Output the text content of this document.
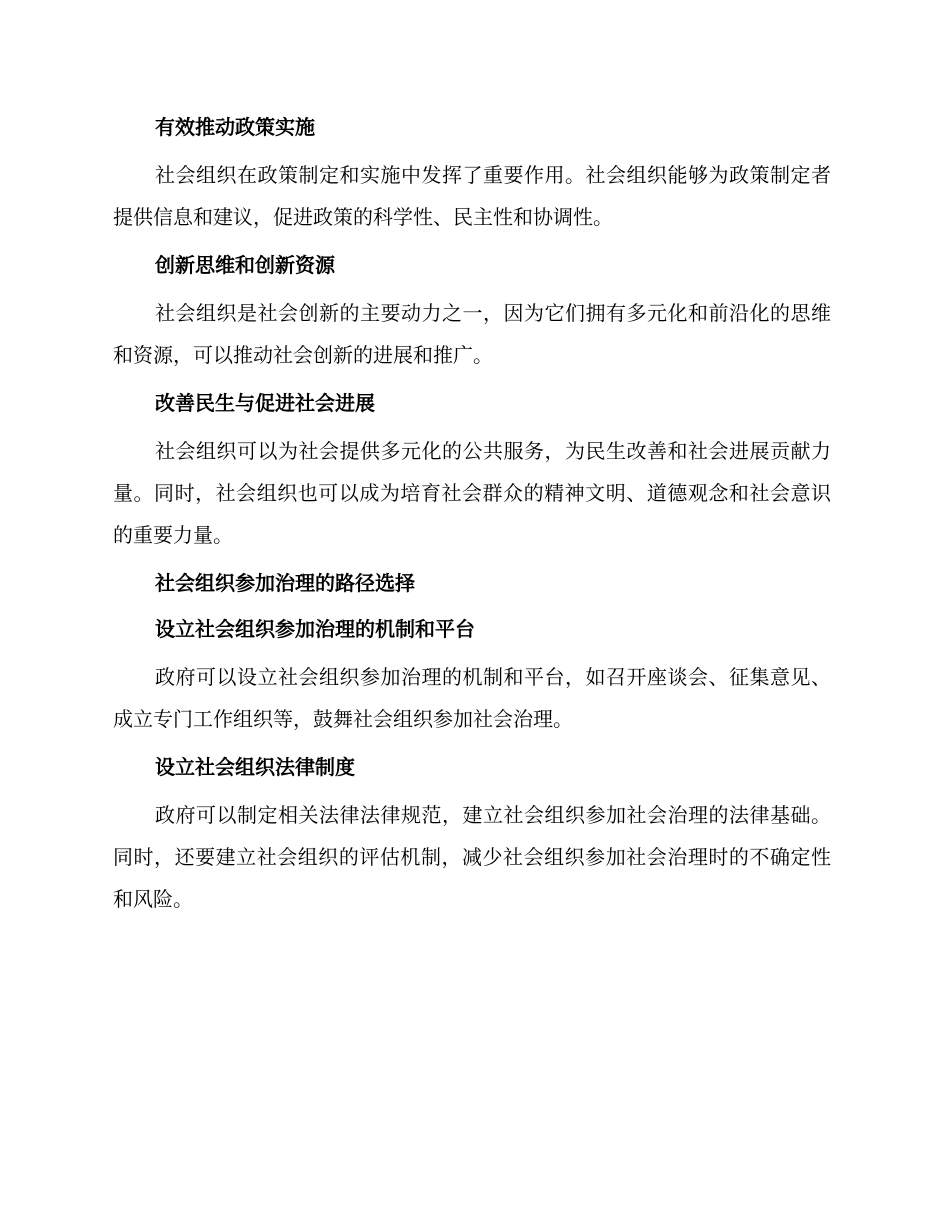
有效推动政策实施

社会组织在政策制定和实施中发挥了重要作用。社会组织能够为政策制定者提供信息和建议，促进政策的科学性、民主性和协调性。

创新思维和创新资源

社会组织是社会创新的主要动力之一，因为它们拥有多元化和前沿化的思维和资源，可以推动社会创新的进展和推广。

改善民生与促进社会进展

社会组织可以为社会提供多元化的公共服务，为民生改善和社会进展贡献力量。同时，社会组织也可以成为培育社会群众的精神文明、道德观念和社会意识的重要力量。

社会组织参加治理的路径选择
设立社会组织参加治理的机制和平台

政府可以设立社会组织参加治理的机制和平台，如召开座谈会、征集意见、成立专门工作组织等，鼓舞社会组织参加社会治理。

设立社会组织法律制度

政府可以制定相关法律法律规范，建立社会组织参加社会治理的法律基础。同时，还要建立社会组织的评估机制，减少社会组织参加社会治理时的不确定性和风险。
